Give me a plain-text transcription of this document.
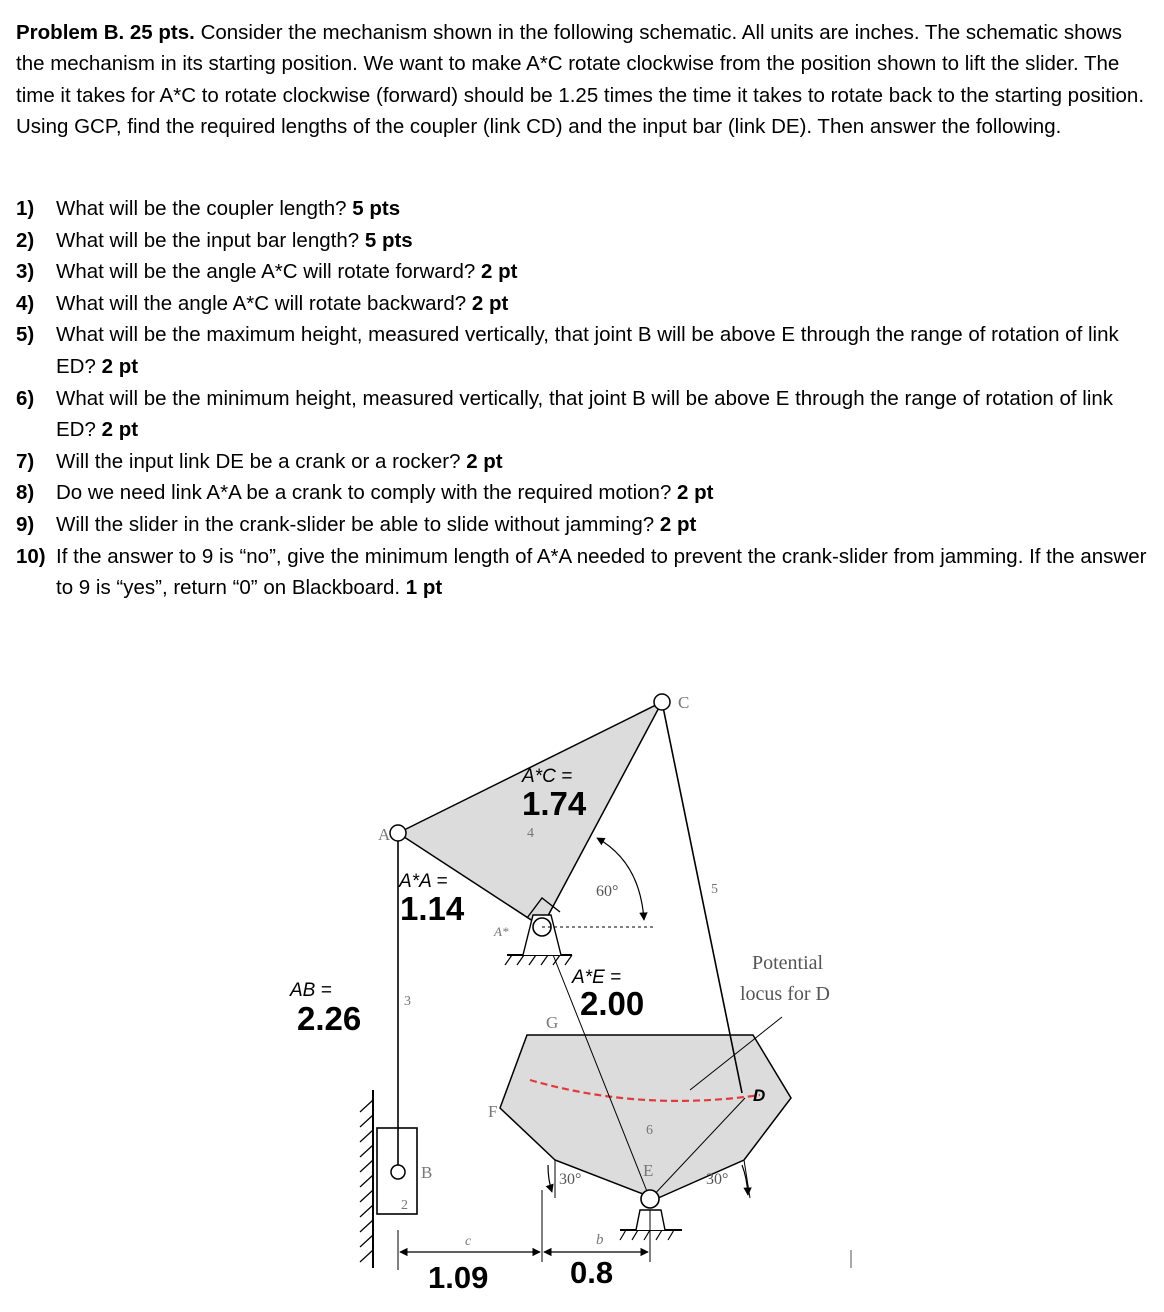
Problem B. 25 pts. Consider the mechanism shown in the following schematic. All units are inches. The schematic shows the mechanism in its starting position. We want to make A*C rotate clockwise from the position shown to lift the slider. The time it takes for A*C to rotate clockwise (forward) should be 1.25 times the time it takes to rotate back to the starting position. Using GCP, find the required lengths of the coupler (link CD) and the input bar (link DE). Then answer the following.
1) What will be the coupler length? 5 pts
2) What will be the input bar length? 5 pts
3) What will be the angle A*C will rotate forward? 2 pt
4) What will the angle A*C will rotate backward? 2 pt
5) What will be the maximum height, measured vertically, that joint B will be above E through the range of rotation of link ED? 2 pt
6) What will be the minimum height, measured vertically, that joint B will be above E through the range of rotation of link ED? 2 pt
7) Will the input link DE be a crank or a rocker? 2 pt
8) Do we need link A*A be a crank to comply with the required motion? 2 pt
9) Will the slider in the crank-slider be able to slide without jamming? 2 pt
10) If the answer to 9 is “no”, give the minimum length of A*A needed to prevent the crank-slider from jamming. If the answer to 9 is “yes”, return “0” on Blackboard. 1 pt
A
C
A*
G
F
E
B
D
2
3
4
5
6
c	b
60°
30°	30°
Potential
locus for D
A*C =
1.74
A*A =
1.14
A*E =
2.00
AB =
2.26
1.09	0.8
